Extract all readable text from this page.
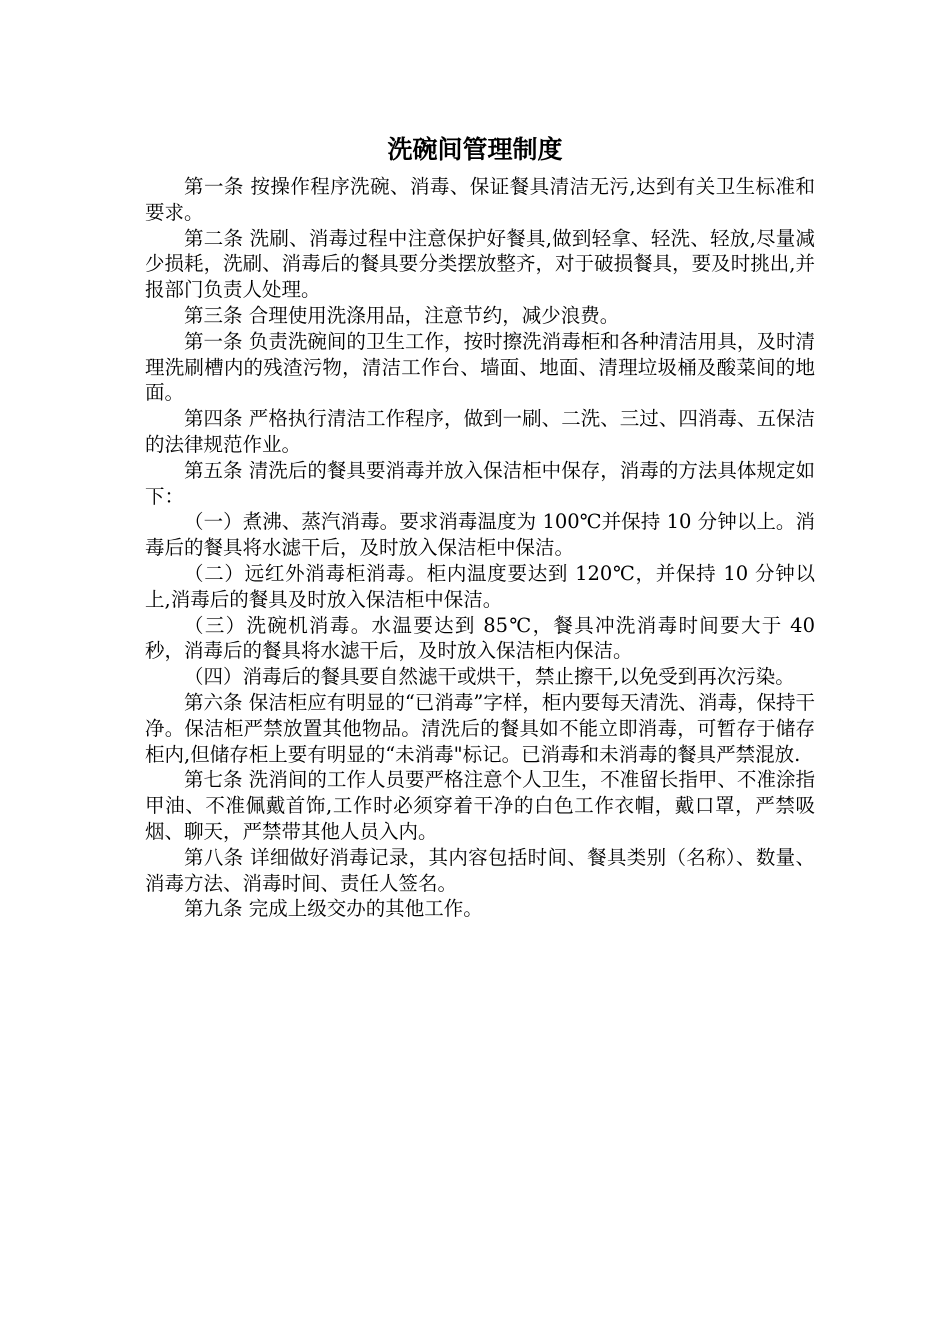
洗碗间管理制度

第一条 按操作程序洗碗、消毒、保证餐具清洁无污,达到有关卫生标准和要求。

第二条 洗刷、消毒过程中注意保护好餐具,做到轻拿、轻洗、轻放,尽量减少损耗，洗刷、消毒后的餐具要分类摆放整齐，对于破损餐具，要及时挑出,并报部门负责人处理。

第三条 合理使用洗涤用品，注意节约，减少浪费。

第一条 负责洗碗间的卫生工作，按时擦洗消毒柜和各种清洁用具，及时清理洗刷槽内的残渣污物，清洁工作台、墙面、地面、清理垃圾桶及酸菜间的地面。

第四条 严格执行清洁工作程序，做到一刷、二洗、三过、四消毒、五保洁的法律规范作业。

第五条 清洗后的餐具要消毒并放入保洁柜中保存，消毒的方法具体规定如下：

（一）煮沸、蒸汽消毒。要求消毒温度为 100℃并保持 10 分钟以上。消毒后的餐具将水滤干后，及时放入保洁柜中保洁。

（二）远红外消毒柜消毒。柜内温度要达到 120℃，并保持 10 分钟以上,消毒后的餐具及时放入保洁柜中保洁。

（三）洗碗机消毒。水温要达到 85℃，餐具冲洗消毒时间要大于 40 秒，消毒后的餐具将水滤干后，及时放入保洁柜内保洁。

（四）消毒后的餐具要自然滤干或烘干，禁止擦干,以免受到再次污染。

第六条 保洁柜应有明显的“已消毒”字样，柜内要每天清洗、消毒，保持干净。保洁柜严禁放置其他物品。清洗后的餐具如不能立即消毒，可暂存于储存柜内,但储存柜上要有明显的“未消毒"标记。已消毒和未消毒的餐具严禁混放.

第七条 洗消间的工作人员要严格注意个人卫生，不准留长指甲、不准涂指甲油、不准佩戴首饰,工作时必须穿着干净的白色工作衣帽，戴口罩，严禁吸烟、聊天，严禁带其他人员入内。

第八条 详细做好消毒记录，其内容包括时间、餐具类别（名称）、数量、消毒方法、消毒时间、责任人签名。

第九条 完成上级交办的其他工作。
